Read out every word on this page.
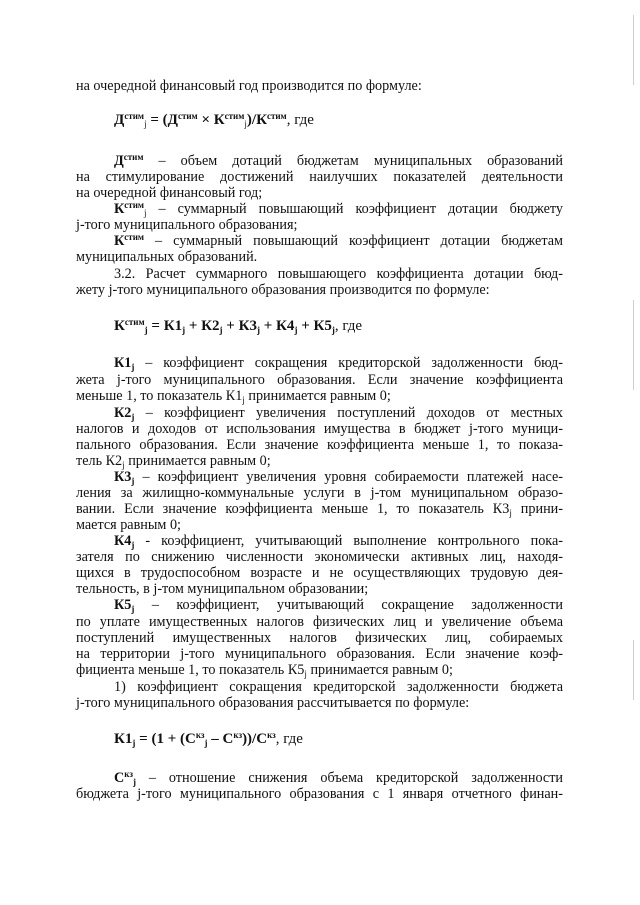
на очередной финансовый год производится по формуле:
$Д^{стим}_j = (Д^{стим} \times К^{стим}_j)/К^{стим}$, где
$Д^{стим}$ – объем дотаций бюджетам муниципальных образований
на стимулирование достижений наилучших показателей деятельности
на очередной финансовый год;
$К^{стим}_j$ – суммарный повышающий коэффициент дотации бюджету
j-того муниципального образования;
$К^{стим}$ – суммарный повышающий коэффициент дотации бюджетам
муниципальных образований.
3.2. Расчет суммарного повышающего коэффициента дотации бюд-
жету j-того муниципального образования производится по формуле:
$К^{стим}_j = К1_j + К2_j + К3_j + К4_j + К5_j$, где
$К1_j$ – коэффициент сокращения кредиторской задолженности бюд-
жета j-того муниципального образования. Если значение коэффициента
меньше 1, то показатель $К1_j$ принимается равным 0;
$К2_j$ – коэффициент увеличения поступлений доходов от местных
налогов и доходов от использования имущества в бюджет j-того муници-
пального образования. Если значение коэффициента меньше 1, то показа-
тель $К2_j$ принимается равным 0;
$К3_j$ – коэффициент увеличения уровня собираемости платежей насе-
ления за жилищно-коммунальные услуги в j-том муниципальном образо-
вании. Если значение коэффициента меньше 1, то показатель $К3_j$ прини-
мается равным 0;
$К4_j$ - коэффициент, учитывающий выполнение контрольного пока-
зателя по снижению численности экономически активных лиц, находя-
щихся в трудоспособном возрасте и не осуществляющих трудовую дея-
тельность, в j-том муниципальном образовании;
$К5_j$ – коэффициент, учитывающий сокращение задолженности
по уплате имущественных налогов физических лиц и увеличение объема
поступлений имущественных налогов физических лиц, собираемых
на территории j-того муниципального образования. Если значение коэф-
фициента меньше 1, то показатель $К5_j$ принимается равным 0;
1) коэффициент сокращения кредиторской задолженности бюджета
j-того муниципального образования рассчитывается по формуле:
$К1_j = (1 + (С^{кз}_j - С^{кз}))/С^{кз}$, где
$С^{кз}_j$ – отношение снижения объема кредиторской задолженности
бюджета j-того муниципального образования с 1 января отчетного финан-
